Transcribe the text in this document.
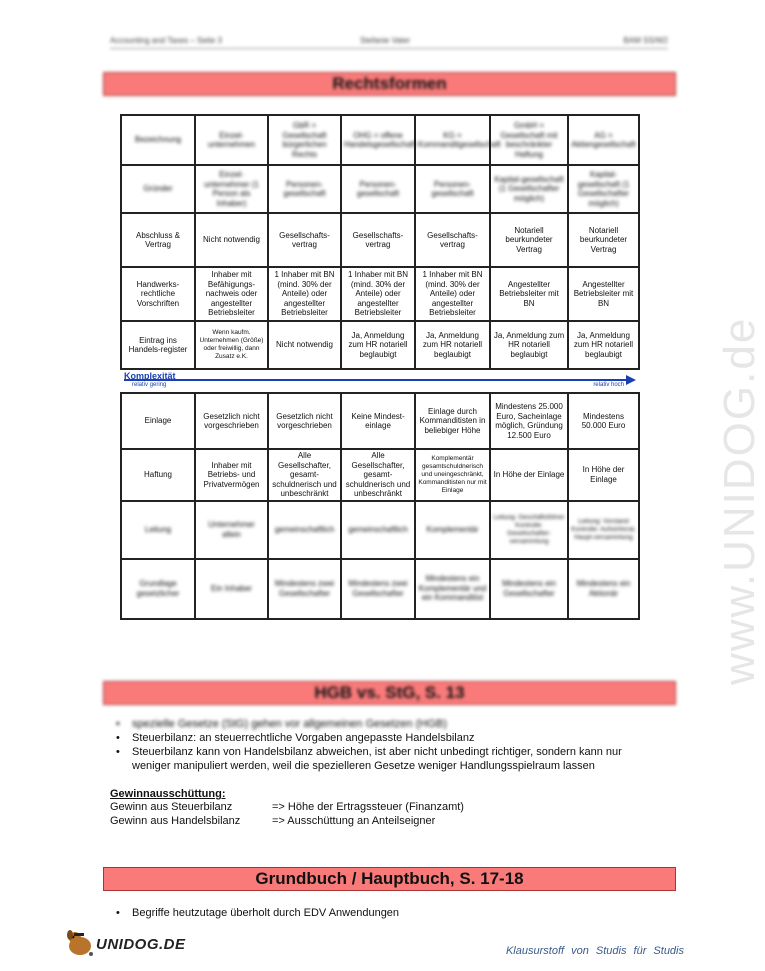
Accounting and Taxes – Seite 3	Stefanie Vater	BAM SS/W2
www.UNIDOG.de
Rechtsformen
Bezeichnung	Einzel-unternehmen	GbR = Gesellschaft bürgerlichen Rechts	OHG = offene Handelsgesellschaft	KG = Kommanditgesellschaft	GmbH = Gesellschaft mit beschränkter Haftung	AG = Aktiengesellschaft
Gründer	Einzel-unternehmer (1 Person als Inhaber)	Personen-gesellschaft	Personen-gesellschaft	Personen-gesellschaft	Kapital-gesellschaft (1 Gesellschafter möglich)	Kapital-gesellschaft (1 Gesellschafter möglich)
Abschluss & Vertrag	Nicht notwendig	Gesellschafts-vertrag	Gesellschafts-vertrag	Gesellschafts-vertrag	Notariell beurkundeter Vertrag	Notariell beurkundeter Vertrag
Handwerks-rechtliche Vorschriften	Inhaber mit Befähigungs-nachweis oder angestellter Betriebsleiter	1 Inhaber mit BN (mind. 30% der Anteile) oder angestellter Betriebsleiter	1 Inhaber mit BN (mind. 30% der Anteile) oder angestellter Betriebsleiter	1 Inhaber mit BN (mind. 30% der Anteile) oder angestellter Betriebsleiter	Angestellter Betriebsleiter mit BN	Angestellter Betriebsleiter mit BN
Eintrag ins Handels-register	Wenn kaufm. Unternehmen (Größe) oder freiwillig, dann Zusatz e.K.	Nicht notwendig	Ja, Anmeldung zum HR notariell beglaubigt	Ja, Anmeldung zum HR notariell beglaubigt	Ja, Anmeldung zum HR notariell beglaubigt	Ja, Anmeldung zum HR notariell beglaubigt
Komplexität
relativ gering	relativ hoch
Einlage	Gesetzlich nicht vorgeschrieben	Gesetzlich nicht vorgeschrieben	Keine Mindest-einlage	Einlage durch Kommanditisten in beliebiger Höhe	Mindestens 25.000 Euro, Sacheinlage möglich, Gründung 12.500 Euro	Mindestens 50.000 Euro
Haftung	Inhaber mit Betriebs- und Privatvermögen	Alle Gesellschafter, gesamt-schuldnerisch und unbeschränkt	Alle Gesellschafter, gesamt-schuldnerisch und unbeschränkt	Komplementär gesamtschuldnerisch und uneingeschränkt, Kommanditisten nur mit Einlage	In Höhe der Einlage	In Höhe der Einlage
Leitung	Unternehmer allein	gemeinschaftlich	gemeinschaftlich	Komplementär	Leitung: Geschäftsführer Kontrolle: Gesellschafter-versammlung	Leitung: Vorstand Kontrolle: Aufsichtsrat, Haupt-versammlung
Grundlage gesetzlicher	Ein Inhaber	Mindestens zwei Gesellschafter	Mindestens zwei Gesellschafter	Mindestens ein Komplementär und ein Kommanditist	Mindestens ein Gesellschafter	Mindestens ein Aktionär
HGB vs. StG, S. 13
• spezielle Gesetze (StG) gehen vor allgemeinen Gesetzen (HGB)
• Steuerbilanz: an steuerrechtliche Vorgaben angepasste Handelsbilanz
• Steuerbilanz kann von Handelsbilanz abweichen, ist aber nicht unbedingt richtiger, sondern kann nur weniger manipuliert werden, weil die spezielleren Gesetze weniger Handlungsspielraum lassen
Gewinnausschüttung:
Gewinn aus Steuerbilanz	=> Höhe der Ertragssteuer (Finanzamt)
Gewinn aus Handelsbilanz	=> Ausschüttung an Anteilseigner
Grundbuch / Hauptbuch, S. 17-18
• Begriffe heutzutage überholt durch EDV Anwendungen
UNIDOG.DE	Klausurstoff von Studis für Studis
